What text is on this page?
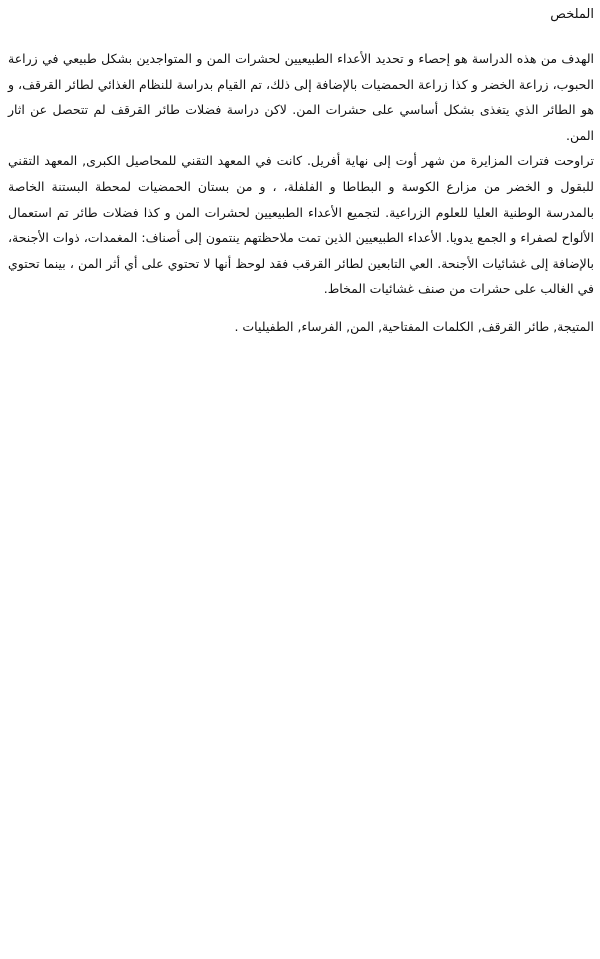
الملخص

الهدف من هذه الدراسة هو إحصاء و تحديد الأعداء الطبيعيين لحشرات المن و المتواجدين بشكل طبيعي في زراعة الحبوب، زراعة الخضر و كذا زراعة الحمضيات بالإضافة إلى ذلك، تم القيام بدراسة للنظام الغذائي لطائر القرقف، و هو الطائر الذي يتغذى بشكل أساسي على حشرات المن. لاكن دراسة فضلات طائر القرقف لم تتحصل عن اثار المن.

تراوحت فترات المزايرة من شهر أوت إلى نهاية أفريل. كانت في المعهد التقني للمحاصيل الكبرى, المعهد التقني للبقول و الخضر من مزارع الكوسة و البطاطا و الفلفلة، ، و من بستان الحمضيات لمحطة البستنة الخاصة بالمدرسة الوطنية العليا للعلوم الزراعية. لتجميع الأعداء الطبيعيين لحشرات المن و كذا فضلات طائر تم استعمال الألواح لصفراء و الجمع يدويا. الأعداء الطبيعيين الذين تمت ملاحظتهم ينتمون إلى أصناف: المغمدات، ذوات الأجنحة، بالإضافة إلى غشائيات الأجنحة. العي التابعين لطائر القرقب فقد لوحظ أنها لا تحتوي على أي أثر المن ، بينما تحتوي في الغالب على حشرات من صنف غشائيات المخاط.

المتيجة, طائر القرقف, الكلمات المفتاحية, المن, الفرساء, الطفيليات .
